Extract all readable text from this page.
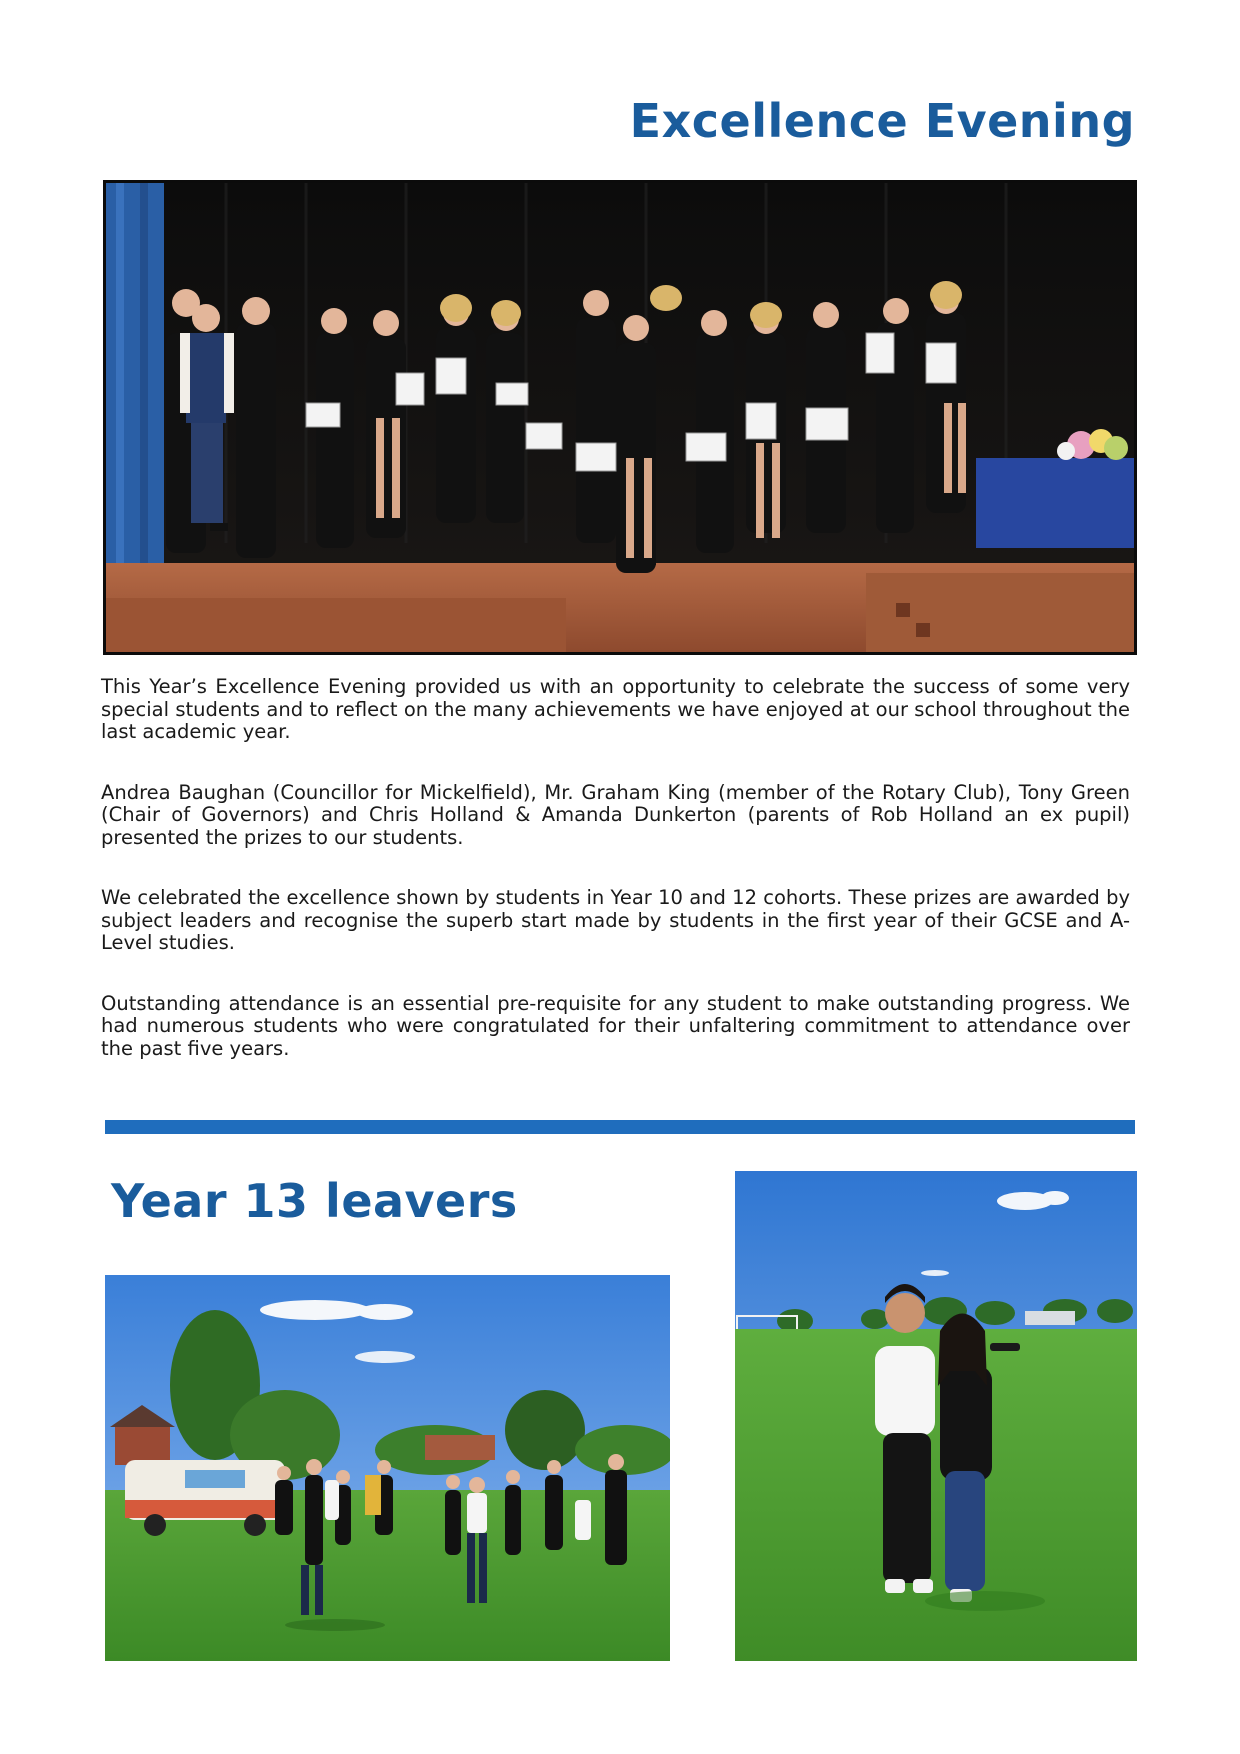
Excellence Evening

This Year’s Excellence Evening provided us with an opportunity to celebrate the success of some very special students and to reflect on the many achievements we have enjoyed at our school throughout the last academic year.

Andrea Baughan (Councillor for Mickelfield), Mr. Graham King (member of the Rotary Club), Tony Green (Chair of Governors) and Chris Holland & Amanda Dunkerton (parents of Rob Holland an ex pupil) presented the prizes to our students.

We celebrated the excellence shown by students in Year 10 and 12 cohorts. These prizes are awarded by subject leaders and recognise the superb start made by students in the first year of their GCSE and A-Level studies.

Outstanding attendance is an essential pre-requisite for any student to make outstanding progress. We had numerous students who were congratulated for their unfaltering commitment to attendance over the past five years.

Year 13 leavers
